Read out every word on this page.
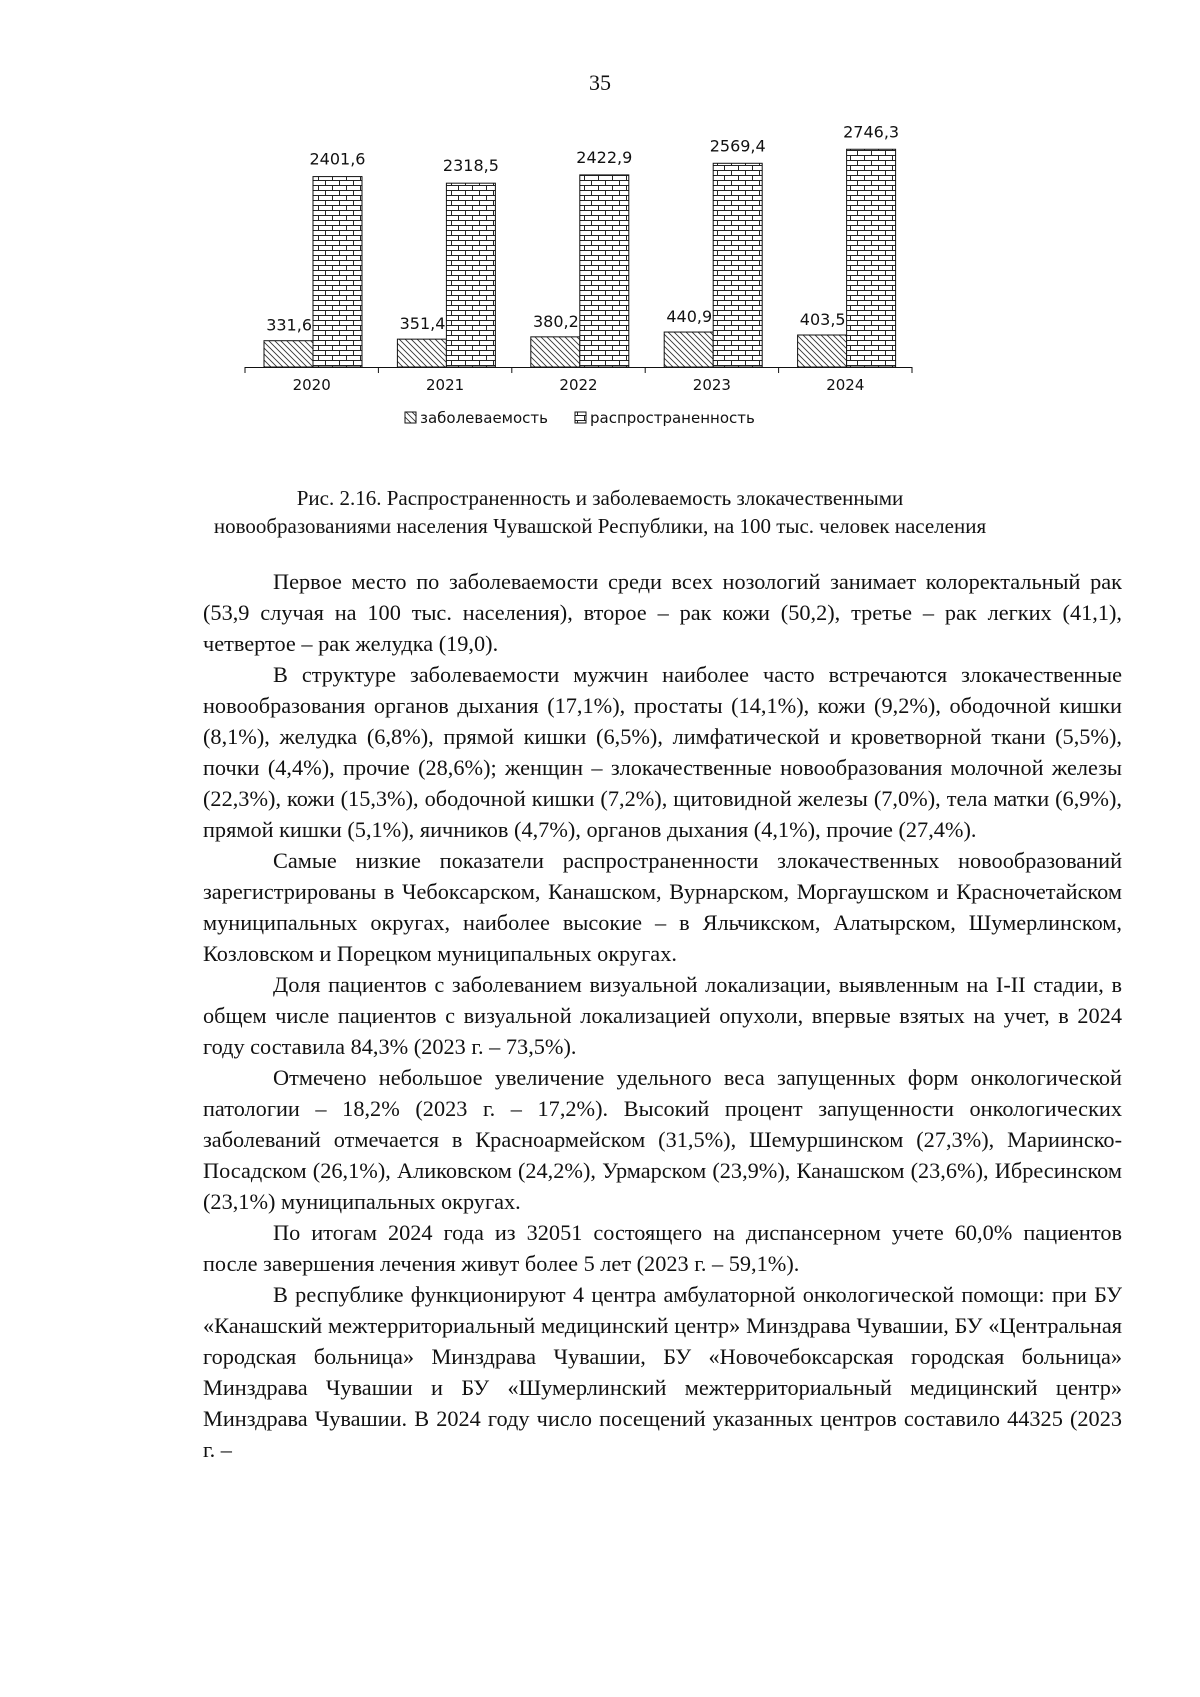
35
331,6
2401,6
351,4
2318,5
380,2
2422,9
440,9
2569,4
403,5
2746,3
2020	2021	2022	2023	2024
заболеваемость	распространенность
Рис. 2.16. Распространенность и заболеваемость злокачественными
новообразованиями населения Чувашской Республики, на 100 тыс. человек населения

Первое место по заболеваемости среди всех нозологий занимает колоректальный рак (53,9 случая на 100 тыс. населения), второе – рак кожи (50,2), третье – рак легких (41,1), четвертое – рак желудка (19,0).

В структуре заболеваемости мужчин наиболее часто встречаются злокачественные новообразования органов дыхания (17,1%), простаты (14,1%), кожи (9,2%), ободочной кишки (8,1%), желудка (6,8%), прямой кишки (6,5%), лимфатической и кроветворной ткани (5,5%), почки (4,4%), прочие (28,6%); женщин – злокачественные новообразования молочной железы (22,3%), кожи (15,3%), ободочной кишки (7,2%), щитовидной железы (7,0%), тела матки (6,9%), прямой кишки (5,1%), яичников (4,7%), органов дыхания (4,1%), прочие (27,4%).

Самые низкие показатели распространенности злокачественных новообразований зарегистрированы в Чебоксарском, Канашском, Вурнарском, Моргаушском и Красночетайском муниципальных округах, наиболее высокие – в Яльчикском, Алатырском, Шумерлинском, Козловском и Порецком муниципальных округах.

Доля пациентов с заболеванием визуальной локализации, выявленным на I-II стадии, в общем числе пациентов с визуальной локализацией опухоли, впервые взятых на учет, в 2024 году составила 84,3% (2023 г. – 73,5%).

Отмечено небольшое увеличение удельного веса запущенных форм онкологической патологии – 18,2% (2023 г. – 17,2%). Высокий процент запущенности онкологических заболеваний отмечается в Красноармейском (31,5%), Шемуршинском (27,3%), Мариинско-Посадском (26,1%), Аликовском (24,2%), Урмарском (23,9%), Канашском (23,6%), Ибресинском (23,1%) муниципальных округах.

По итогам 2024 года из 32051 состоящего на диспансерном учете 60,0% пациентов после завершения лечения живут более 5 лет (2023 г. – 59,1%).

В республике функционируют 4 центра амбулаторной онкологической помощи: при БУ «Канашский межтерриториальный медицинский центр» Минздрава Чувашии, БУ «Центральная городская больница» Минздрава Чувашии, БУ «Новочебоксарская городская больница» Минздрава Чувашии и БУ «Шумерлинский межтерриториальный медицинский центр» Минздрава Чувашии. В 2024 году число посещений указанных центров составило 44325 (2023 г. –
